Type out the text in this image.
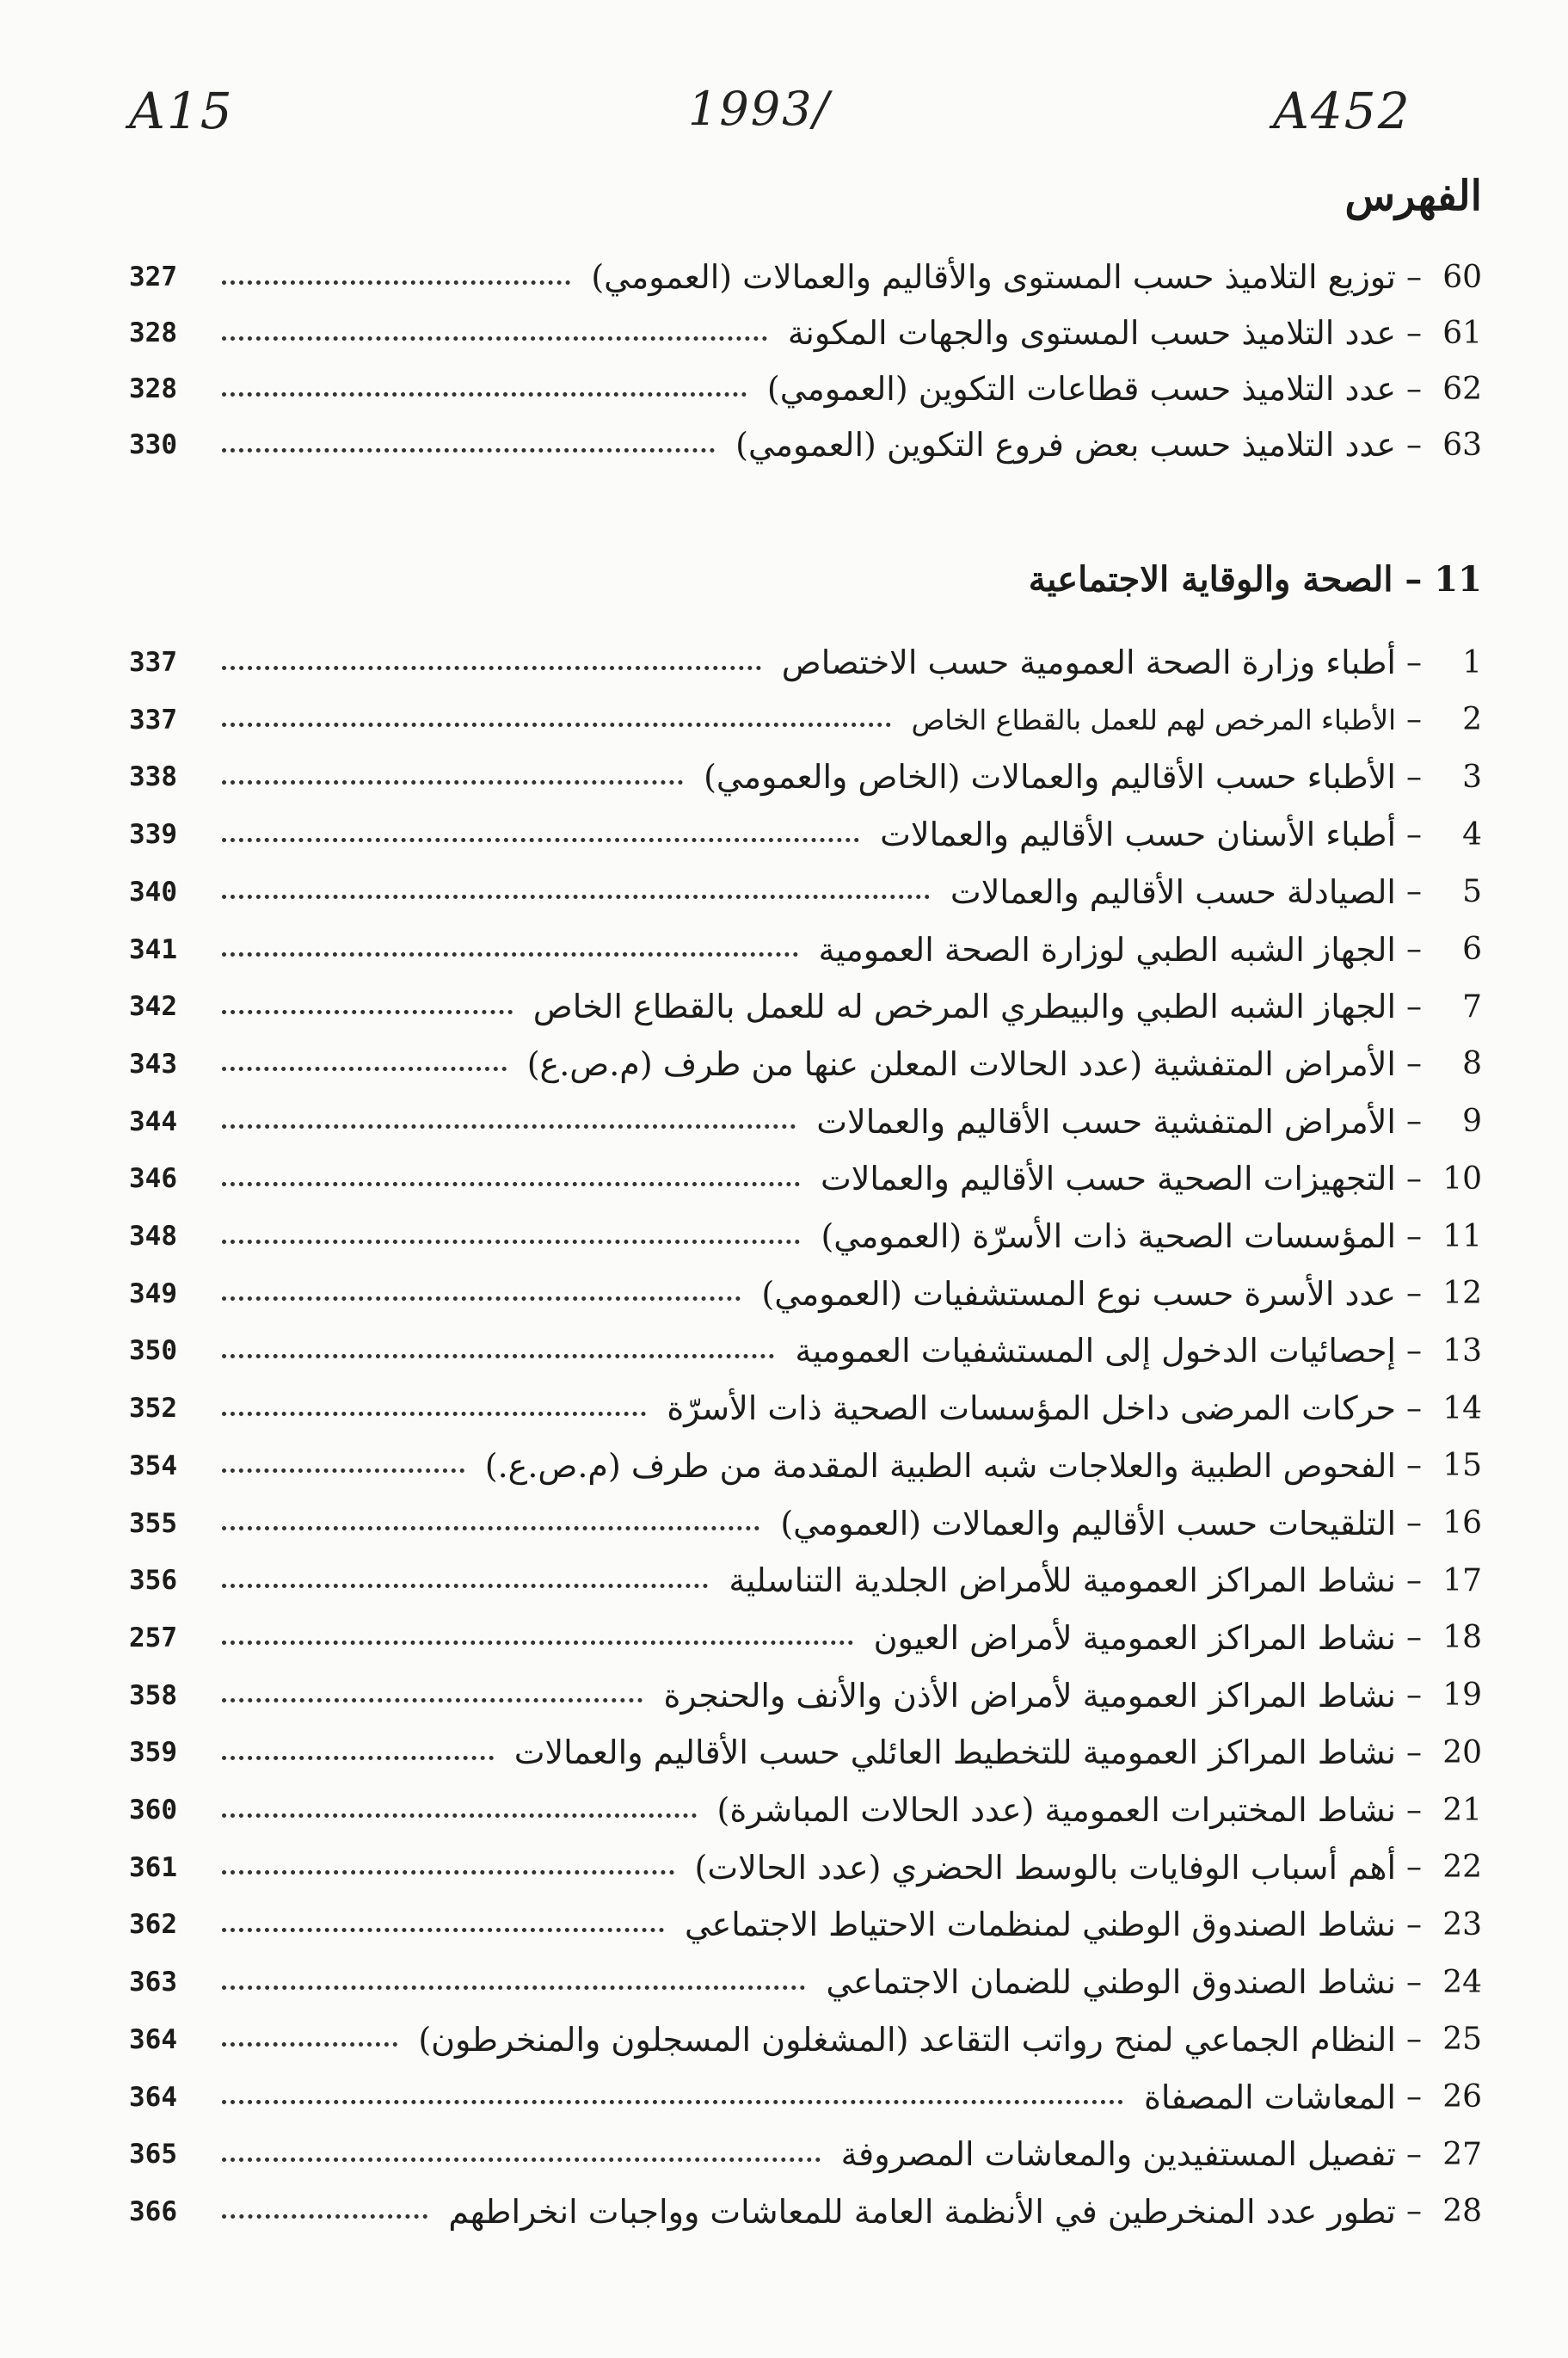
A15	1993/	A452
الفهرس
60
–
توزيع التلاميذ حسب المستوى والأقاليم والعمالات (العمومي)
327
61
–
عدد التلاميذ حسب المستوى والجهات المكونة
328
62
–
عدد التلاميذ حسب قطاعات التكوين (العمومي)
328
63
–
عدد التلاميذ حسب بعض فروع التكوين (العمومي)
330
11 – الصحة والوقاية الاجتماعية
1
–
أطباء وزارة الصحة العمومية حسب الاختصاص
337
2
–
الأطباء المرخص لهم للعمل بالقطاع الخاص
337
3
–
الأطباء حسب الأقاليم والعمالات (الخاص والعمومي)
338
4
–
أطباء الأسنان حسب الأقاليم والعمالات
339
5
–
الصيادلة حسب الأقاليم والعمالات
340
6
–
الجهاز الشبه الطبي لوزارة الصحة العمومية
341
7
–
الجهاز الشبه الطبي والبيطري المرخص له للعمل بالقطاع الخاص
342
8
–
الأمراض المتفشية (عدد الحالات المعلن عنها من طرف (م.ص.ع)
343
9
–
الأمراض المتفشية حسب الأقاليم والعمالات
344
10
–
التجهيزات الصحية حسب الأقاليم والعمالات
346
11
–
المؤسسات الصحية ذات الأسرّة (العمومي)
348
12
–
عدد الأسرة حسب نوع المستشفيات (العمومي)
349
13
–
إحصائيات الدخول إلى المستشفيات العمومية
350
14
–
حركات المرضى داخل المؤسسات الصحية ذات الأسرّة
352
15
–
الفحوص الطبية والعلاجات شبه الطبية المقدمة من طرف (م.ص.ع.)
354
16
–
التلقيحات حسب الأقاليم والعمالات (العمومي)
355
17
–
نشاط المراكز العمومية للأمراض الجلدية التناسلية
356
18
–
نشاط المراكز العمومية لأمراض العيون
257
19
–
نشاط المراكز العمومية لأمراض الأذن والأنف والحنجرة
358
20
–
نشاط المراكز العمومية للتخطيط العائلي حسب الأقاليم والعمالات
359
21
–
نشاط المختبرات العمومية (عدد الحالات المباشرة)
360
22
–
أهم أسباب الوفايات بالوسط الحضري (عدد الحالات)
361
23
–
نشاط الصندوق الوطني لمنظمات الاحتياط الاجتماعي
362
24
–
نشاط الصندوق الوطني للضمان الاجتماعي
363
25
–
النظام الجماعي لمنح رواتب التقاعد (المشغلون المسجلون والمنخرطون)
364
26
–
المعاشات المصفاة
364
27
–
تفصيل المستفيدين والمعاشات المصروفة
365
28
–
تطور عدد المنخرطين في الأنظمة العامة للمعاشات وواجبات انخراطهم
366
